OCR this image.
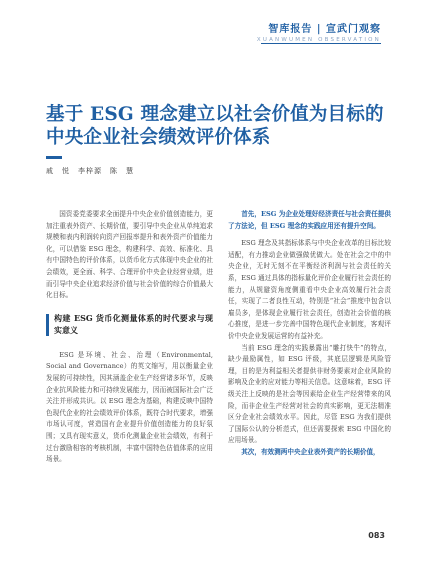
智库报告 | 宣武门观察
XUANWUMEN OBSERVATION
基于 ESG 理念建立以社会价值为目标的
中央企业社会绩效评价体系
戚　悦　李梓源　陈　慧

国资委党委要求全面提升中央企业价值创造能力，更加注重表外资产、长期价值，要引导中央企业从单纯追求规模和表内利润转向资产回报率提升和表外资产价值能力化，可以借鉴 ESG 理念，构建科学、高效、标准化、具有中国特色的评价体系，以货币化方式体现中央企业的社会绩效，更全面、科学、合理评价中央企业经营业绩，进而引导中央企业追求经济价值与社会价值的综合价值最大化目标。

构建 ESG 货币化测量体系的时代要求与现实意义

ESG 是环境、社会、治理（Environmental, Social and Governance）的英文缩写，用以衡量企业发展的可持续性，因其涵盖企业生产经营诸多环节，反映企业抗风险能力和可持续发展能力，因而被国际社会广泛关注并形成共识。以 ESG 理念为基础，构建反映中国特色现代企业的社会绩效评价体系，既符合时代要求，增强市场认可度，营造国有企业提升价值创造能力的良好氛围；又具有现实意义，货币化测量企业社会绩效，有利于过台激励相容的考核机制，丰富中国特色估值体系的应用场景。

首先，ESG 为企业处理好经济责任与社会责任提供了方法论，但 ESG 理念的实践应用还有提升空间。

ESG 理念及其指标体系与中央企业改革的目标比较适配，有力推动企业做强做优做大。处在社会之中的中央企业，无时无刻不在平衡经济利润与社会责任的关系，ESG 通过具体的指标量化评价企业履行社会责任的能力，从规避资角度侧重看中央企业高效履行社会责任，实现了二者良性互动，特别是“社会”推度中包含以雇员多，是体现企业履行社会责任，创造社会价值的核心推度，是进一步完善中国特色现代企业制度，客观评价中央企业发展运营的有益补充。

当前 ESG 理念的实践暴露出“雕打快牛”的特点，缺少最励属性，如 ESG 评级，其底层逻辑是风险管理，目的是为利益相关者提供非财务要素对企业风险的影响及企业的应对能力等相关信息。这意味着，ESG 评级关注上反映的是社会等因素给企业生产经营带来的风险，而非企业生产经营对社会的真实影响，更无法精准区分企业社会绩效水平。因此，尽管 ESG 为我们提供了国际公认的分析范式，但还需要探索 ESG 中国化的应用场景。

其次，有效测两中央企业表外资产的长期价值，

083
